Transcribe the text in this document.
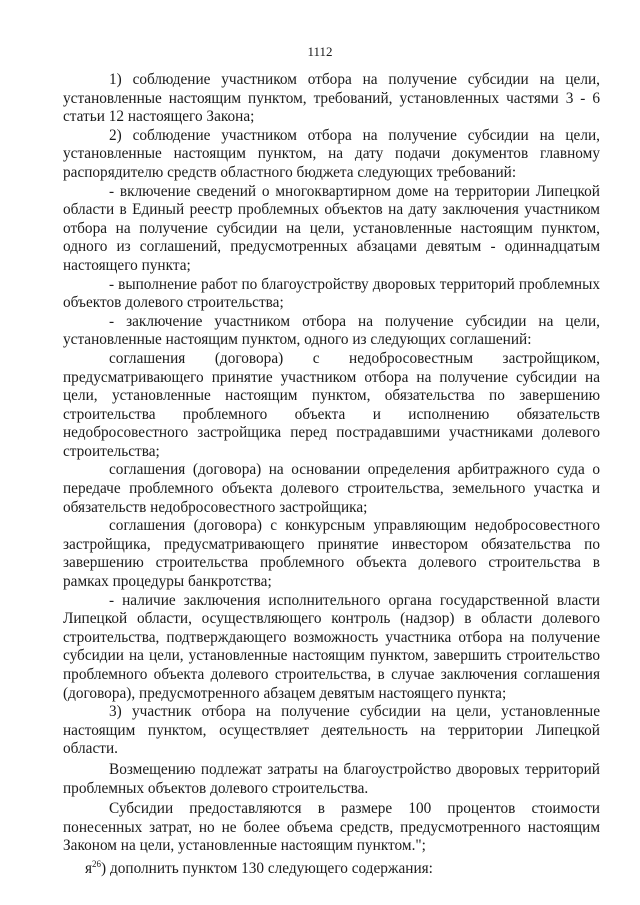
1112

1) соблюдение участником отбора на получение субсидии на цели, установленные настоящим пунктом, требований, установленных частями 3 - 6 статьи 12 настоящего Закона;

2) соблюдение участником отбора на получение субсидии на цели, установленные настоящим пунктом, на дату подачи документов главному распорядителю средств областного бюджета следующих требований:

- включение сведений о многоквартирном доме на территории Липецкой области в Единый реестр проблемных объектов на дату заключения участником отбора на получение субсидии на цели, установленные настоящим пунктом, одного из соглашений, предусмотренных абзацами девятым - одиннадцатым настоящего пункта;

- выполнение работ по благоустройству дворовых территорий проблемных объектов долевого строительства;

- заключение участником отбора на получение субсидии на цели, установленные настоящим пунктом, одного из следующих соглашений:

соглашения (договора) с недобросовестным застройщиком, предусматривающего принятие участником отбора на получение субсидии на цели, установленные настоящим пунктом, обязательства по завершению строительства проблемного объекта и исполнению обязательств недобросовестного застройщика перед пострадавшими участниками долевого строительства;

соглашения (договора) на основании определения арбитражного суда о передаче проблемного объекта долевого строительства, земельного участка и обязательств недобросовестного застройщика;

соглашения (договора) с конкурсным управляющим недобросовестного застройщика, предусматривающего принятие инвестором обязательства по завершению строительства проблемного объекта долевого строительства в рамках процедуры банкротства;

- наличие заключения исполнительного органа государственной власти Липецкой области, осуществляющего контроль (надзор) в области долевого строительства, подтверждающего возможность участника отбора на получение субсидии на цели, установленные настоящим пунктом, завершить строительство проблемного объекта долевого строительства, в случае заключения соглашения (договора), предусмотренного абзацем девятым настоящего пункта;

3) участник отбора на получение субсидии на цели, установленные настоящим пунктом, осуществляет деятельность на территории Липецкой области.

Возмещению подлежат затраты на благоустройство дворовых территорий проблемных объектов долевого строительства.

Субсидии предоставляются в размере 100 процентов стоимости понесенных затрат, но не более объема средств, предусмотренного настоящим Законом на цели, установленные настоящим пунктом.";

$я^{26}$) дополнить пунктом 130 следующего содержания:
